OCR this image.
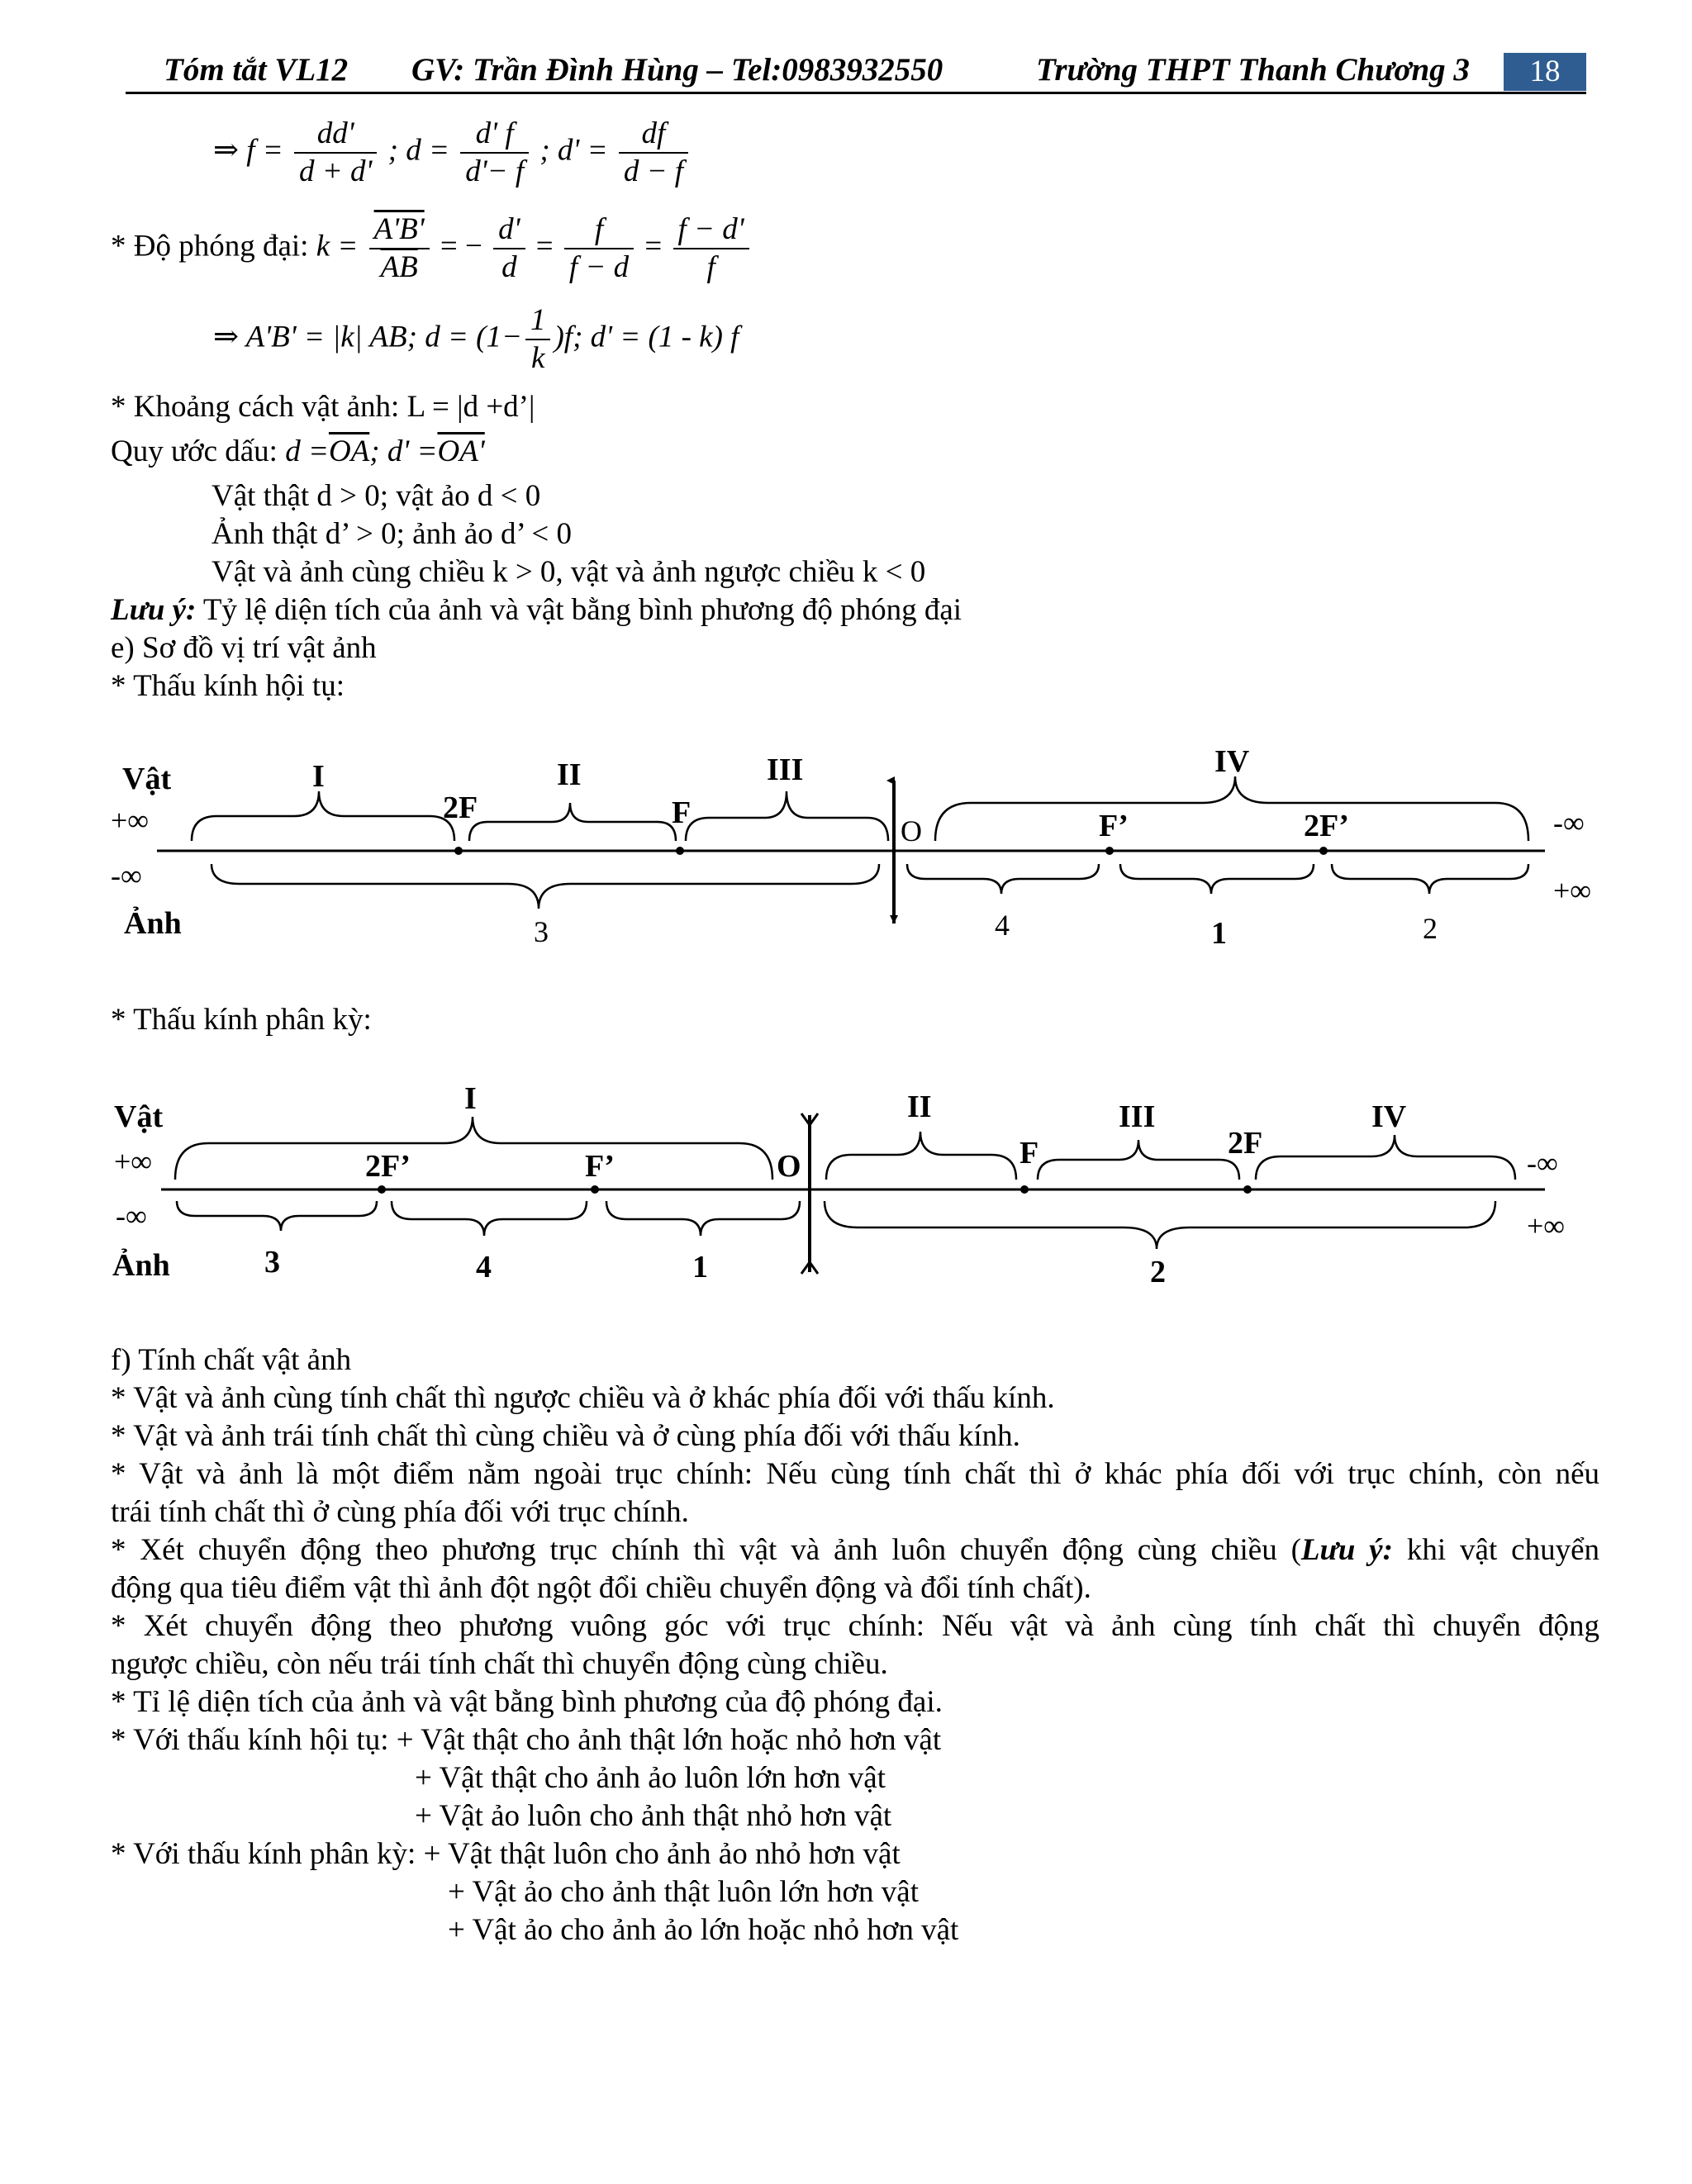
Tóm tắt VL12 GV: Trần Đình Hùng – Tel:0983932550	Trường THPT Thanh Chương 3	18
⇒ $f = \frac{dd'}{d + d'}$ ; $d = \frac{d' f}{d'- f}$ ; $d' = \frac{df}{d - f}$
* Độ phóng đại: $k = \frac{A'B'}{AB}$ = − $\frac{d'}{d} = \frac{f}{f - d} = \frac{f - d'}{f}$
⇒ A'B' = |k| AB; $d = (1- \frac{1}{k} )f$; d' = (1 - k) f
* Khoảng cách vật ảnh: L = |d +d’|
Quy ước dấu: $d =\overline{OA}$; d' =OA'
Vật thật d > 0; vật ảo d < 0
Ảnh thật d’ > 0; ảnh ảo d’ < 0
Vật và ảnh cùng chiều k > 0, vật và ảnh ngược chiều k < 0
Lưu ý: Tỷ lệ diện tích của ảnh và vật bằng bình phương độ phóng đại
e) Sơ đồ vị trí vật ảnh
* Thấu kính hội tụ:
Vật
Ảnh
+∞
-∞
-∞
+∞
2F	F
O	F’	2F’
I	II	III	IV
3	4	1	2
* Thấu kính phân kỳ:
Vật
Ảnh
+∞
-∞
-∞
+∞
2F’	F’	O	F	2F
I	II	III	IV
3	4	1	2
f) Tính chất vật ảnh
* Vật và ảnh cùng tính chất thì ngược chiều và ở khác phía đối với thấu kính.
* Vật và ảnh trái tính chất thì cùng chiều và ở cùng phía đối với thấu kính.
* Vật và ảnh là một điểm nằm ngoài trục chính: Nếu cùng tính chất thì ở khác phía đối với trục chính, còn nếu
trái tính chất thì ở cùng phía đối với trục chính.
* Xét chuyển động theo phương trục chính thì vật và ảnh luôn chuyển động cùng chiều (Lưu ý: khi vật chuyển
động qua tiêu điểm vật thì ảnh đột ngột đổi chiều chuyển động và đổi tính chất).
* Xét chuyển động theo phương vuông góc với trục chính: Nếu vật và ảnh cùng tính chất thì chuyển động
ngược chiều, còn nếu trái tính chất thì chuyển động cùng chiều.
* Tỉ lệ diện tích của ảnh và vật bằng bình phương của độ phóng đại.
* Với thấu kính hội tụ: + Vật thật cho ảnh thật lớn hoặc nhỏ hơn vật
+ Vật thật cho ảnh ảo luôn lớn hơn vật
+ Vật ảo luôn cho ảnh thật nhỏ hơn vật
* Với thấu kính phân kỳ: + Vật thật luôn cho ảnh ảo nhỏ hơn vật
+ Vật ảo cho ảnh thật luôn lớn hơn vật
+ Vật ảo cho ảnh ảo lớn hoặc nhỏ hơn vật
